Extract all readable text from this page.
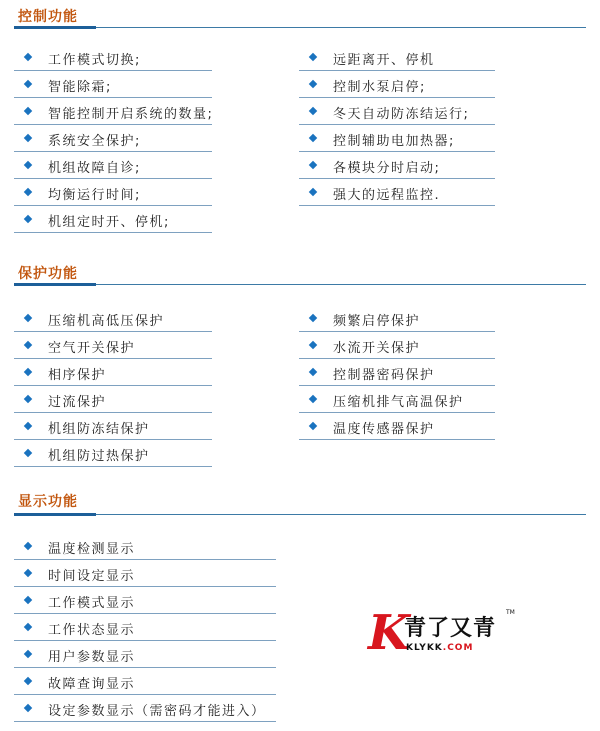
控制功能
工作模式切换;
智能除霜;
智能控制开启系统的数量;
系统安全保护;
机组故障自诊;
均衡运行时间;
机组定时开、停机;
远距离开、停机
控制水泵启停;
冬天自动防冻结运行;
控制辅助电加热器;
各模块分时启动;
强大的远程监控.
保护功能
压缩机高低压保护
空气开关保护
相序保护
过流保护
机组防冻结保护
机组防过热保护
频繁启停保护
水流开关保护
控制器密码保护
压缩机排气高温保护
温度传感器保护
显示功能
温度检测显示
时间设定显示
工作模式显示
工作状态显示
用户参数显示
故障查询显示
设定参数显示（需密码才能进入）
K
青了又青
TM
KLYKK.COM
